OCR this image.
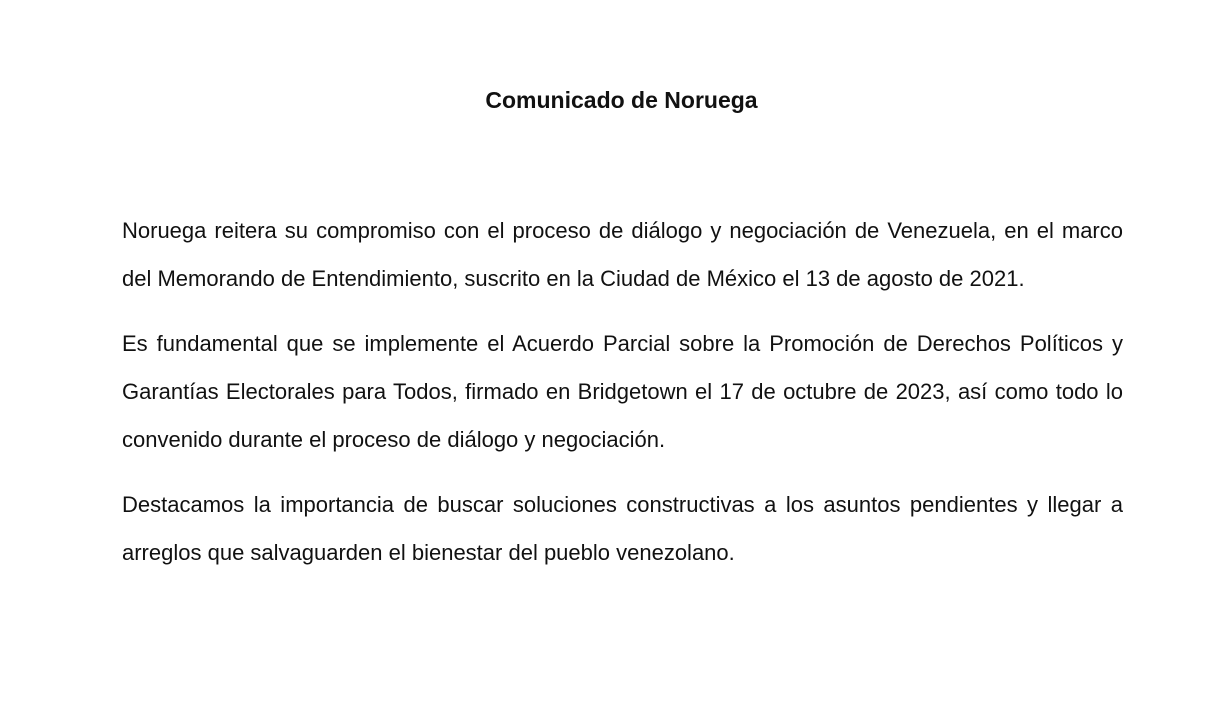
Comunicado de Noruega

Noruega reitera su compromiso con el proceso de diálogo y negociación de Venezuela, en el marco del Memorando de Entendimiento, suscrito en la Ciudad de México el 13 de agosto de 2021.

Es fundamental que se implemente el Acuerdo Parcial sobre la Promoción de Derechos Políticos y Garantías Electorales para Todos, firmado en Bridgetown el 17 de octubre de 2023, así como todo lo convenido durante el proceso de diálogo y negociación.

Destacamos la importancia de buscar soluciones constructivas a los asuntos pendientes y llegar a arreglos que salvaguarden el bienestar del pueblo venezolano.
